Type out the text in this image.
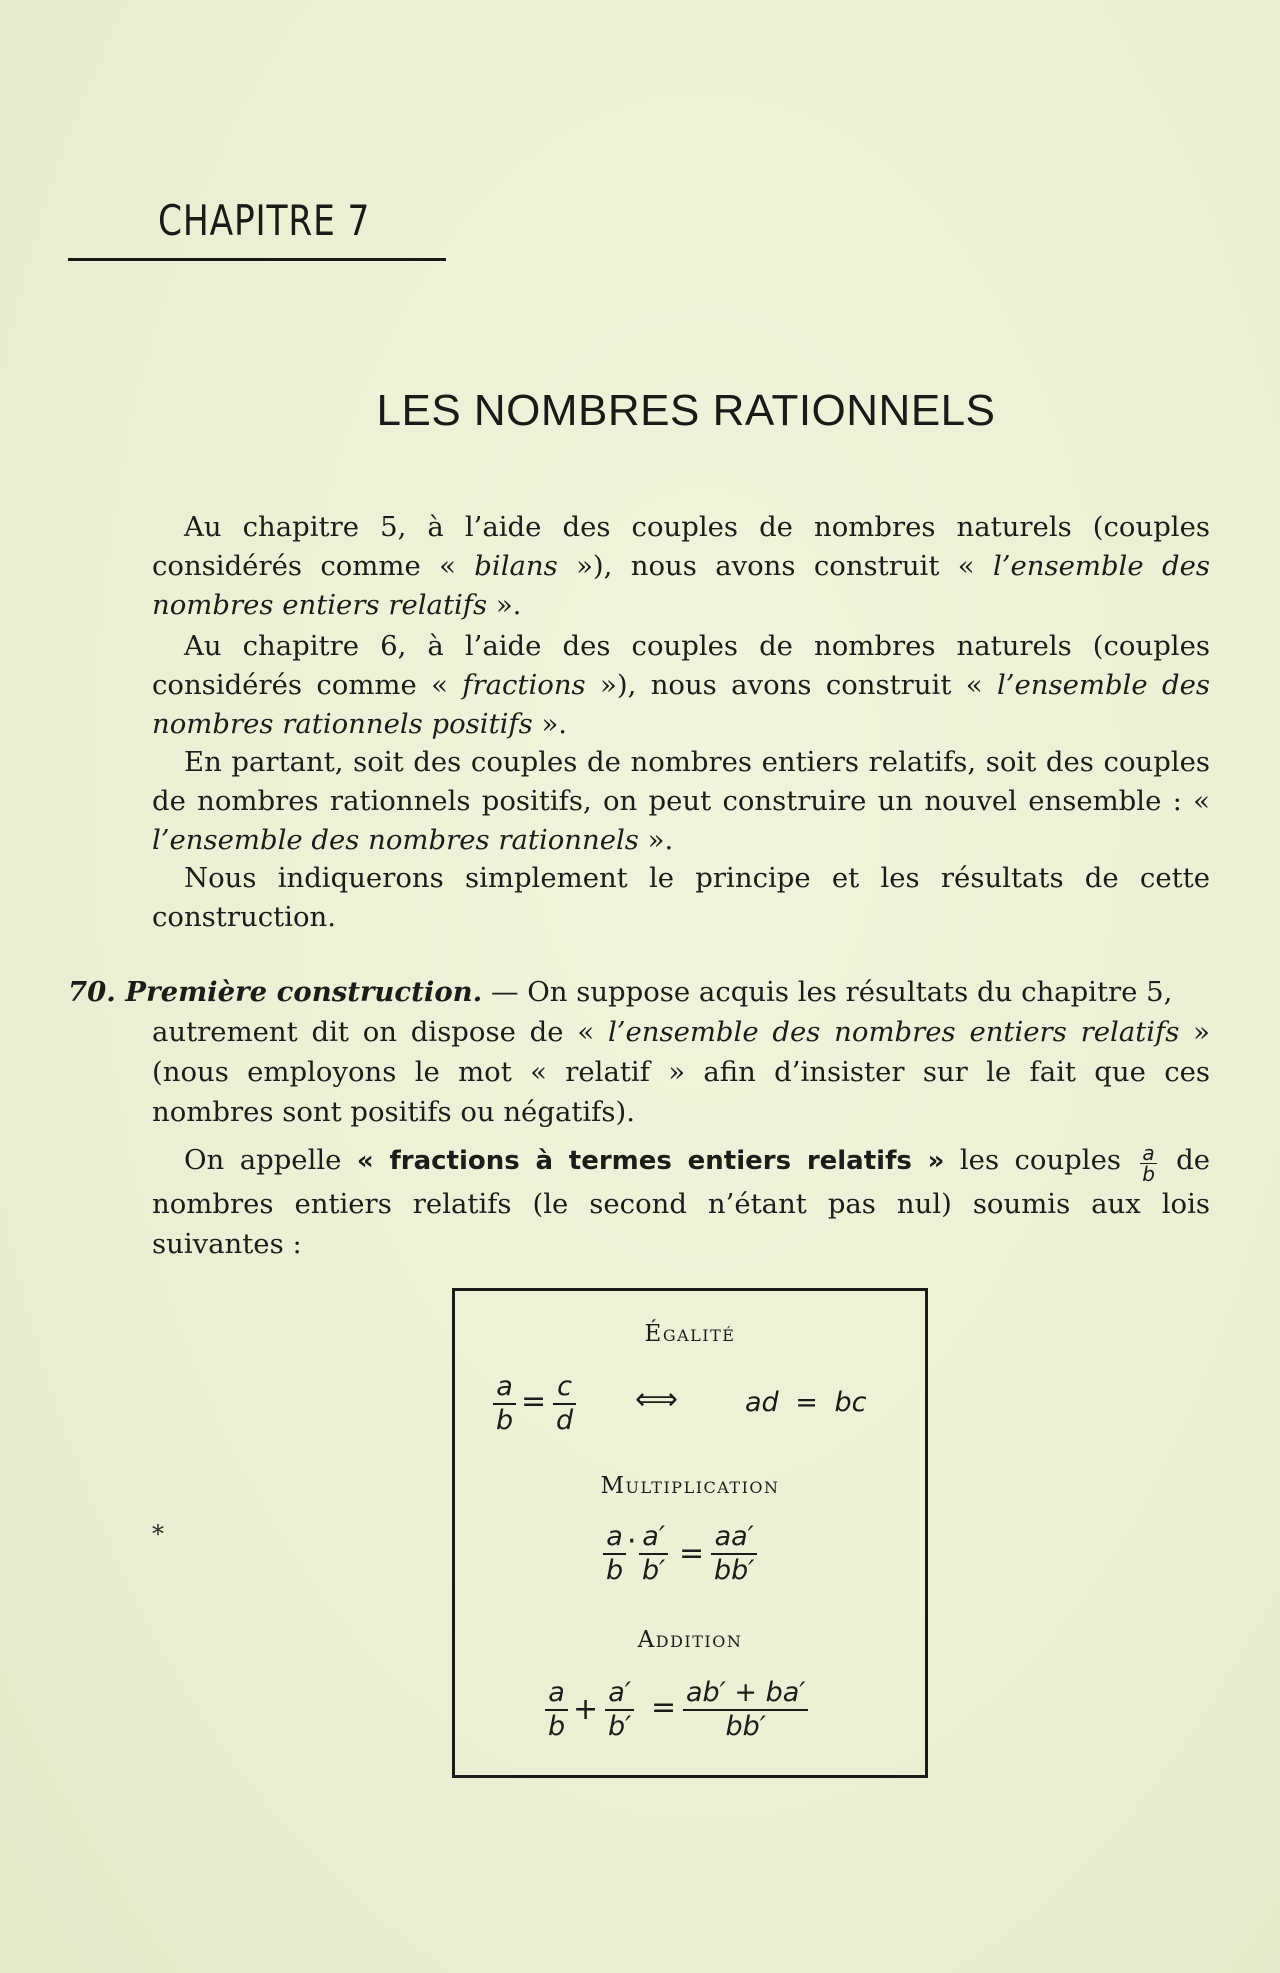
CHAPITRE 7
LES NOMBRES RATIONNELS
Au chapitre 5, à l’aide des couples de nombres naturels (couples considérés comme « bilans »), nous avons construit « l’ensemble des nombres entiers relatifs ».
Au chapitre 6, à l’aide des couples de nombres naturels (couples considérés comme « fractions »), nous avons construit « l’ensemble des nombres rationnels positifs ».
En partant, soit des couples de nombres entiers relatifs, soit des couples de nombres rationnels positifs, on peut construire un nouvel ensemble : « l’ensemble des nombres rationnels ».
Nous indiquerons simplement le principe et les résultats de cette construction.
70. Première construction. — On suppose acquis les résultats du chapitre 5,
autrement dit on dispose de « l’ensemble des nombres entiers relatifs » (nous employons le mot « relatif » afin d’insister sur le fait que ces nombres sont positifs ou négatifs).
On appelle « fractions à termes entiers relatifs » les couples $\frac{a}{b}$ de nombres entiers relatifs (le second n’étant pas nul) soumis aux lois suivantes :
*
Égalité
a
b
= c
d
⟺ ad = bc
Multiplication
$\frac{a}{b} \cdot \frac{a'}{b'} = \frac{aa'}{bb'}$
Addition
$\frac{a}{b} + \frac{a'}{b'} = \frac{ab' + ba'}{bb'}$
